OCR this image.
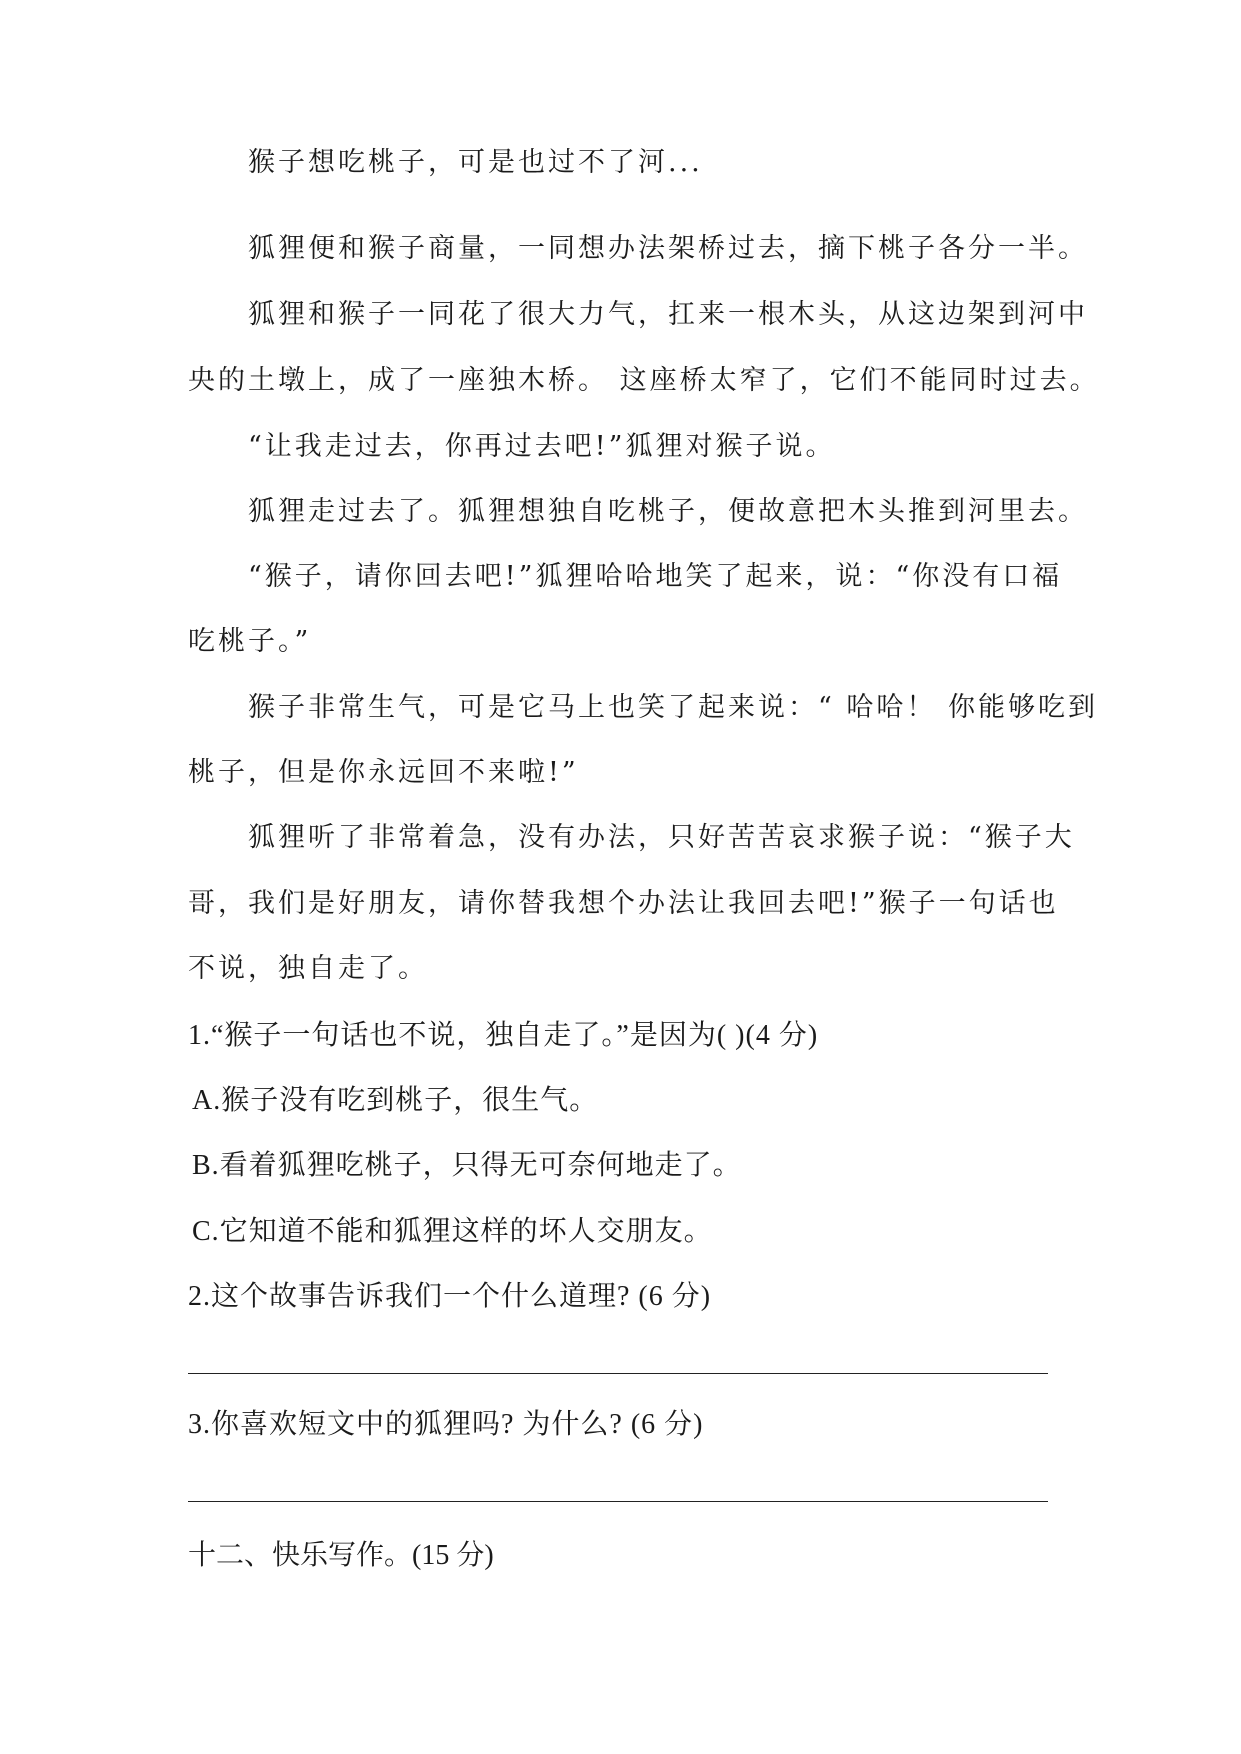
猴子想吃桃子，可是也过不了河...
狐狸便和猴子商量，一同想办法架桥过去，摘下桃子各分一半。
狐狸和猴子一同花了很大力气，扛来一根木头，从这边架到河中
央的土墩上，成了一座独木桥。 这座桥太窄了，它们不能同时过去。
“让我走过去，你再过去吧!”狐狸对猴子说。
狐狸走过去了。狐狸想独自吃桃子，便故意把木头推到河里去。
“猴子，请你回去吧!”狐狸哈哈地笑了起来，说：“你没有口福
吃桃子。”
猴子非常生气，可是它马上也笑了起来说：“ 哈哈！ 你能够吃到
桃子，但是你永远回不来啦!”
狐狸听了非常着急，没有办法，只好苦苦哀求猴子说：“猴子大
哥，我们是好朋友，请你替我想个办法让我回去吧!”猴子一句话也
不说，独自走了。
1.“猴子一句话也不说，独自走了。”是因为( )(4 分)
A.猴子没有吃到桃子，很生气。
B.看着狐狸吃桃子，只得无可奈何地走了。
C.它知道不能和狐狸这样的坏人交朋友。
2.这个故事告诉我们一个什么道理? (6 分)
3.你喜欢短文中的狐狸吗? 为什么? (6 分)
十二、快乐写作。(15 分)
